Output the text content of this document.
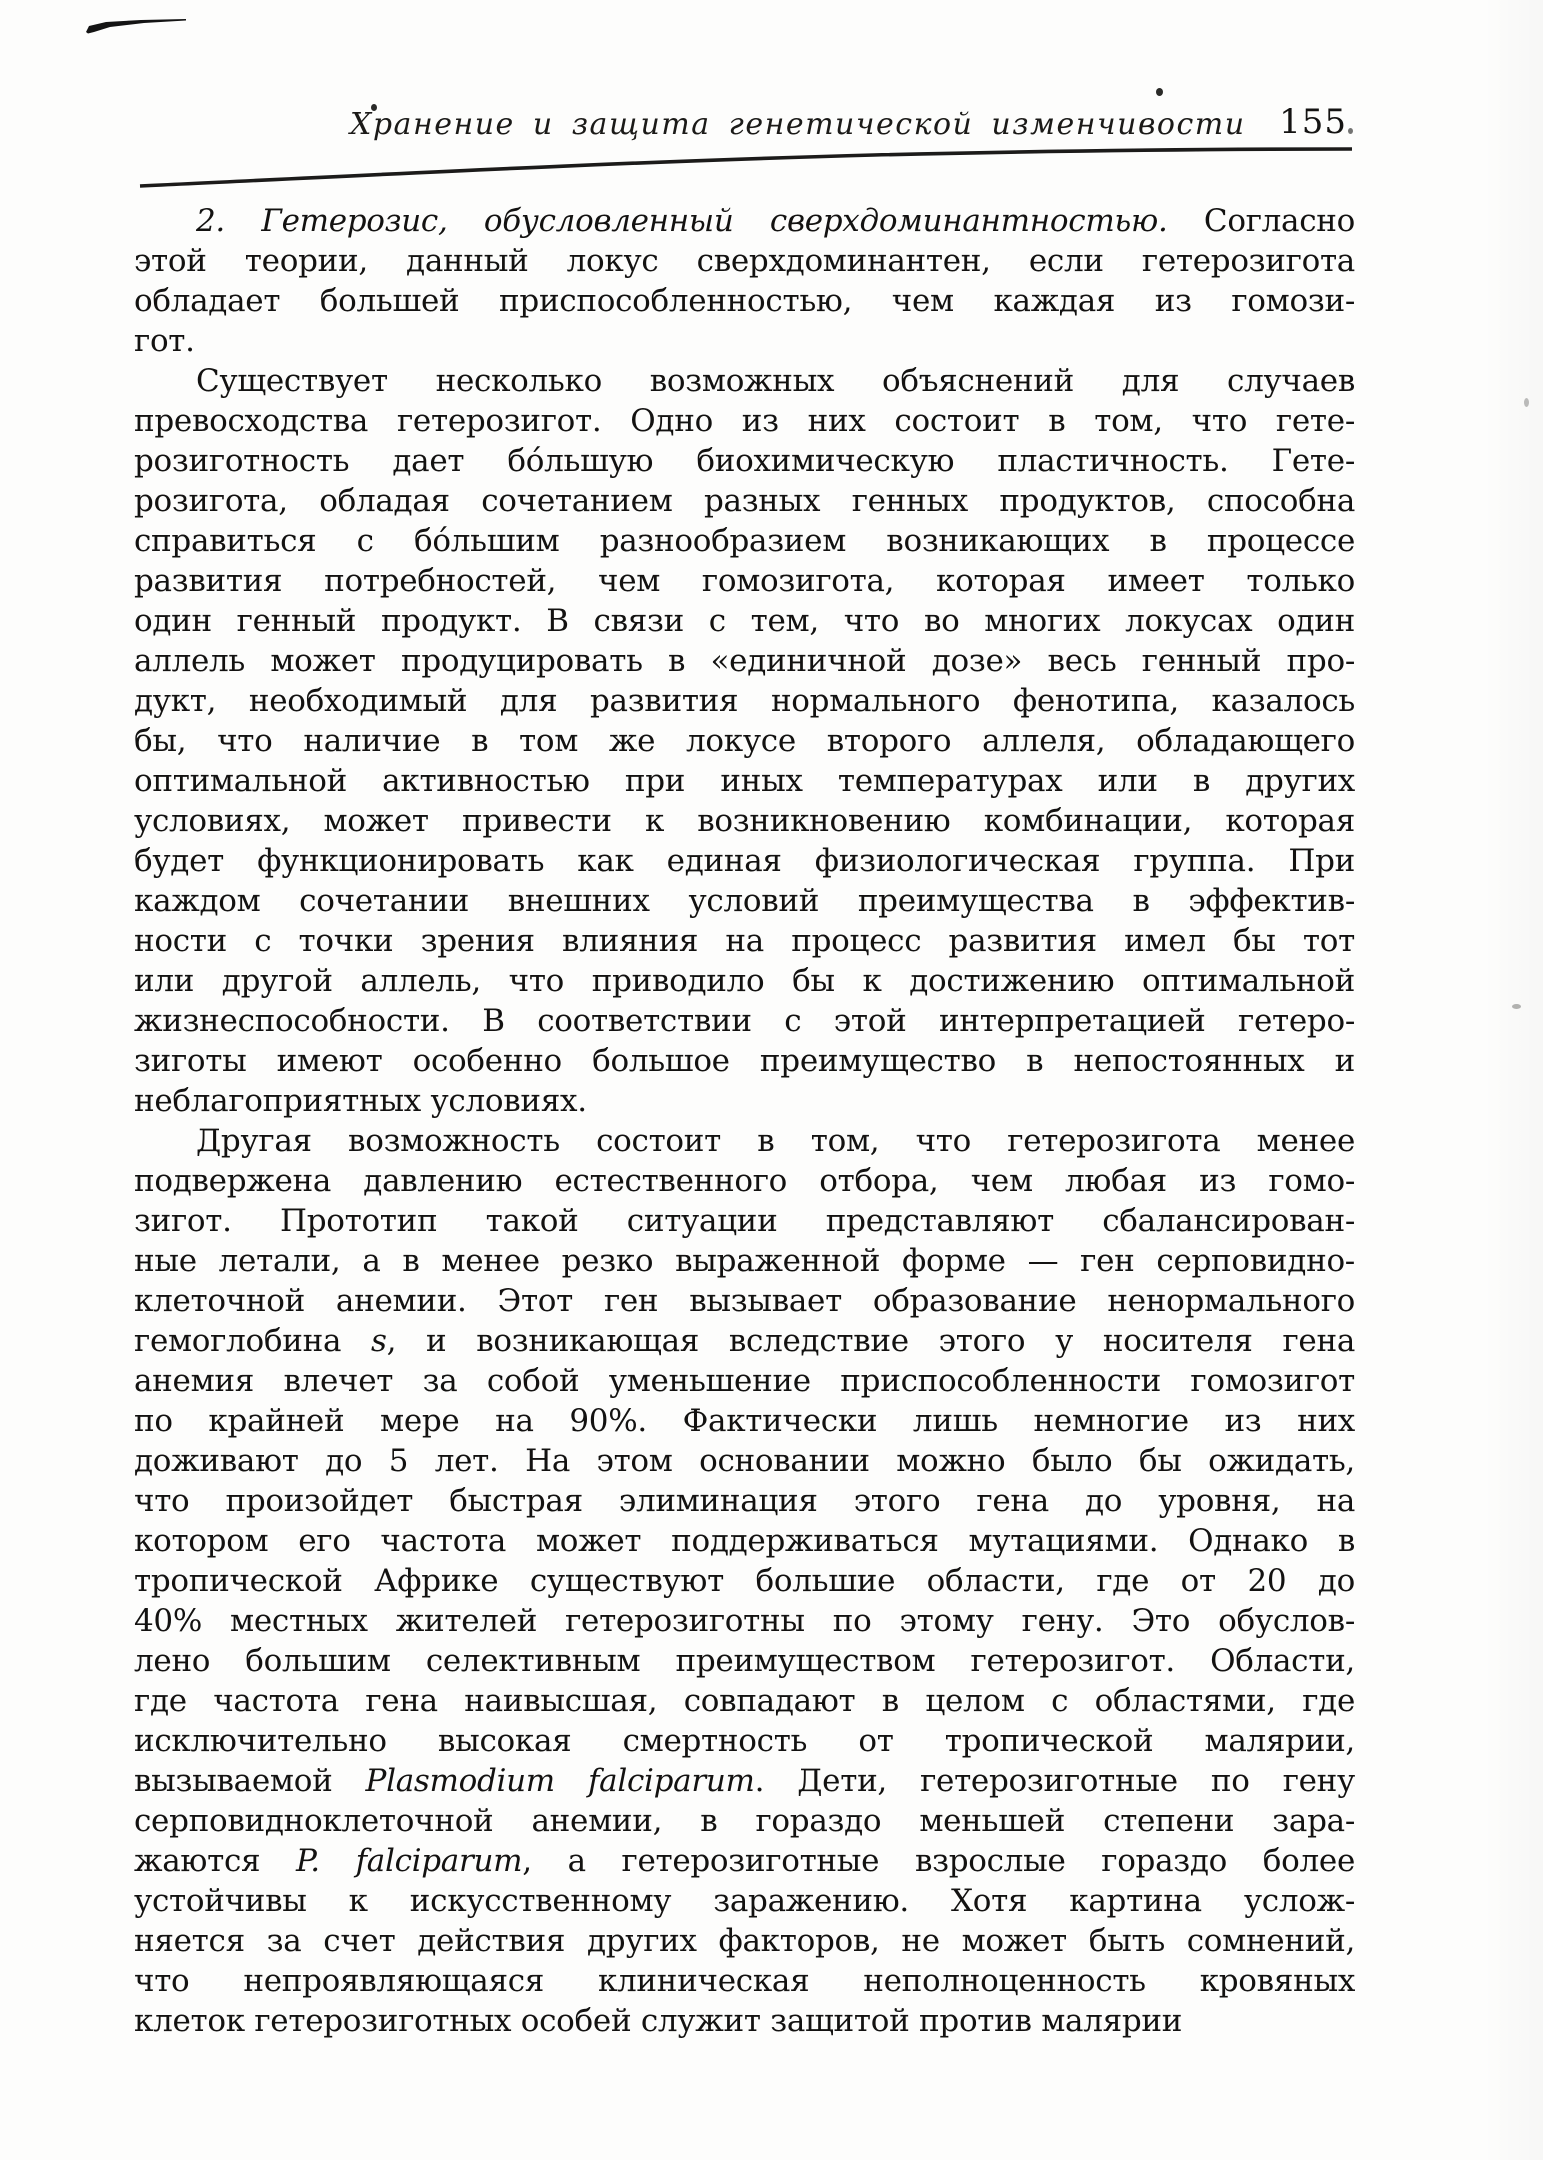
Хранение и защита генетической изменчивости 155
2. Гетерозис, обусловленный сверхдоминантностью. Согласно
этой теории, данный локус сверхдоминантен, если гетерозигота
обладает большей приспособленностью, чем каждая из гомози-
гот.
Существует несколько возможных объяснений для случаев
превосходства гетерозигот. Одно из них состоит в том, что гете-
розиготность дает бо́льшую биохимическую пластичность. Гете-
розигота, обладая сочетанием разных генных продуктов, способна
справиться с бо́льшим разнообразием возникающих в процессе
развития потребностей, чем гомозигота, которая имеет только
один генный продукт. В связи с тем, что во многих локусах один
аллель может продуцировать в «единичной дозе» весь генный про-
дукт, необходимый для развития нормального фенотипа, казалось
бы, что наличие в том же локусе второго аллеля, обладающего
оптимальной активностью при иных температурах или в других
условиях, может привести к возникновению комбинации, которая
будет функционировать как единая физиологическая группа. При
каждом сочетании внешних условий преимущества в эффектив-
ности с точки зрения влияния на процесс развития имел бы тот
или другой аллель, что приводило бы к достижению оптимальной
жизнеспособности. В соответствии с этой интерпретацией гетеро-
зиготы имеют особенно большое преимущество в непостоянных и
неблагоприятных условиях.
Другая возможность состоит в том, что гетерозигота менее
подвержена давлению естественного отбора, чем любая из гомо-
зигот. Прототип такой ситуации представляют сбалансирован-
ные летали, а в менее резко выраженной форме — ген серповидно-
клеточной анемии. Этот ген вызывает образование ненормального
гемоглобина s, и возникающая вследствие этого у носителя гена
анемия влечет за собой уменьшение приспособленности гомозигот
по крайней мере на 90%. Фактически лишь немногие из них
доживают до 5 лет. На этом основании можно было бы ожидать,
что произойдет быстрая элиминация этого гена до уровня, на
котором его частота может поддерживаться мутациями. Однако в
тропической Африке существуют большие области, где от 20 до
40% местных жителей гетерозиготны по этому гену. Это обуслов-
лено большим селективным преимуществом гетерозигот. Области,
где частота гена наивысшая, совпадают в целом с областями, где
исключительно высокая смертность от тропической малярии,
вызываемой Plasmodium falciparum. Дети, гетерозиготные по гену
серповидноклеточной анемии, в гораздо меньшей степени зара-
жаются P. falciparum, а гетерозиготные взрослые гораздо более
устойчивы к искусственному заражению. Хотя картина услож-
няется за счет действия других факторов, не может быть сомнений,
что непроявляющаяся клиническая неполноценность кровяных
клеток гетерозиготных особей служит защитой против малярии
